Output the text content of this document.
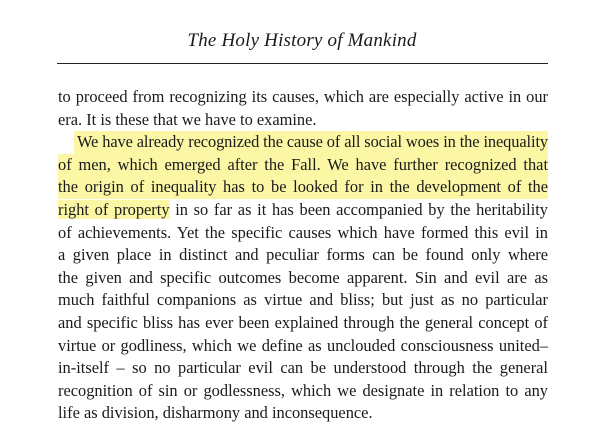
The Holy History of Mankind
to proceed from recognizing its causes, which are especially active in our
era. It is these that we have to examine.
We have already recognized the cause of all social woes in the inequality
of men, which emerged after the Fall. We have further recognized that
the origin of inequality has to be looked for in the development of the
right of property in so far as it has been accompanied by the heritability
of achievements. Yet the specific causes which have formed this evil in
a given place in distinct and peculiar forms can be found only where
the given and specific outcomes become apparent. Sin and evil are as
much faithful companions as virtue and bliss; but just as no particular
and specific bliss has ever been explained through the general concept of
virtue or godliness, which we define as unclouded consciousness united–
in-itself – so no particular evil can be understood through the general
recognition of sin or godlessness, which we designate in relation to any
life as division, disharmony and inconsequence.
